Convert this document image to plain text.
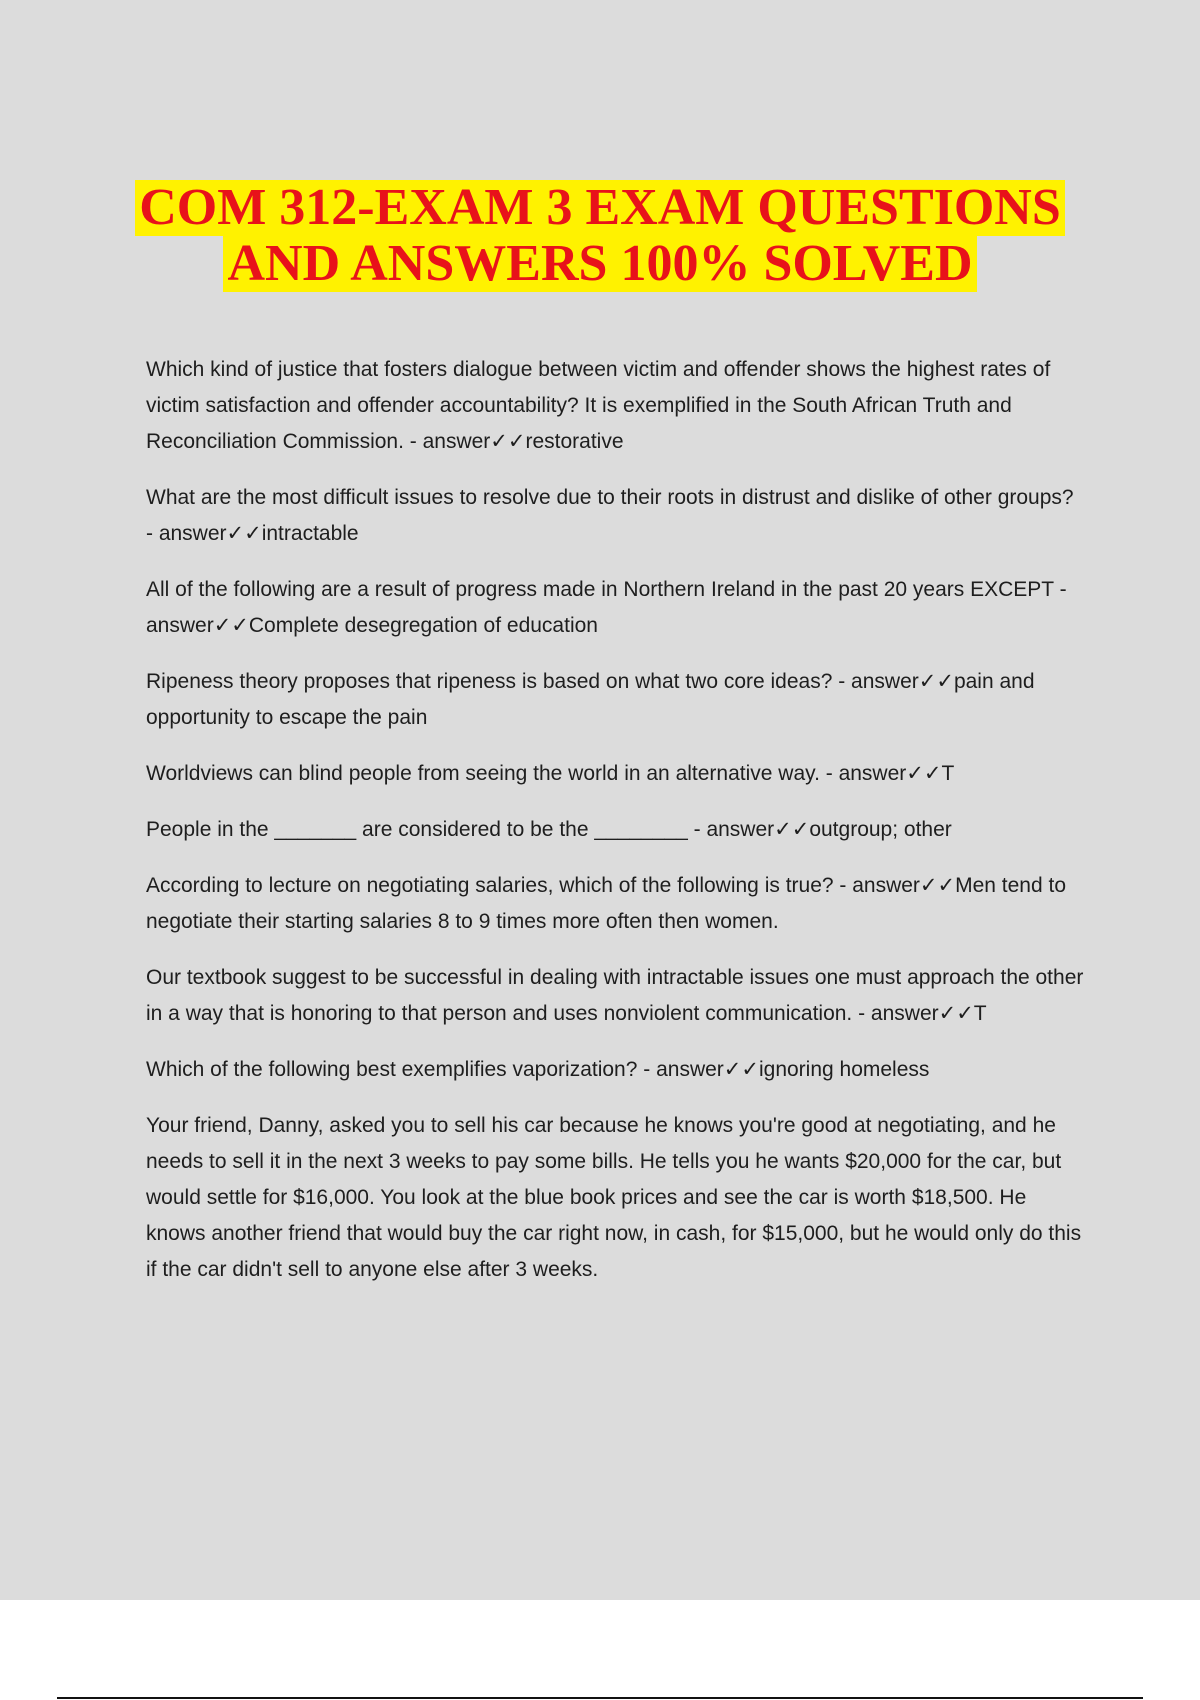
COM 312-EXAM 3 EXAM QUESTIONS
AND ANSWERS 100% SOLVED

Which kind of justice that fosters dialogue between victim and offender shows the highest rates of victim satisfaction and offender accountability? It is exemplified in the South African Truth and Reconciliation Commission. - answer✓✓restorative

What are the most difficult issues to resolve due to their roots in distrust and dislike of other groups? - answer✓✓intractable

All of the following are a result of progress made in Northern Ireland in the past 20 years EXCEPT - answer✓✓Complete desegregation of education

Ripeness theory proposes that ripeness is based on what two core ideas? - answer✓✓pain and opportunity to escape the pain

Worldviews can blind people from seeing the world in an alternative way. - answer✓✓T

People in the _______ are considered to be the ________ - answer✓✓outgroup; other

According to lecture on negotiating salaries, which of the following is true? - answer✓✓Men tend to negotiate their starting salaries 8 to 9 times more often then women.

Our textbook suggest to be successful in dealing with intractable issues one must approach the other in a way that is honoring to that person and uses nonviolent communication. - answer✓✓T

Which of the following best exemplifies vaporization? - answer✓✓ignoring homeless

Your friend, Danny, asked you to sell his car because he knows you're good at negotiating, and he needs to sell it in the next 3 weeks to pay some bills. He tells you he wants $20,000 for the car, but would settle for $16,000. You look at the blue book prices and see the car is worth $18,500. He knows another friend that would buy the car right now, in cash, for $15,000, but he would only do this if the car didn't sell to anyone else after 3 weeks.
